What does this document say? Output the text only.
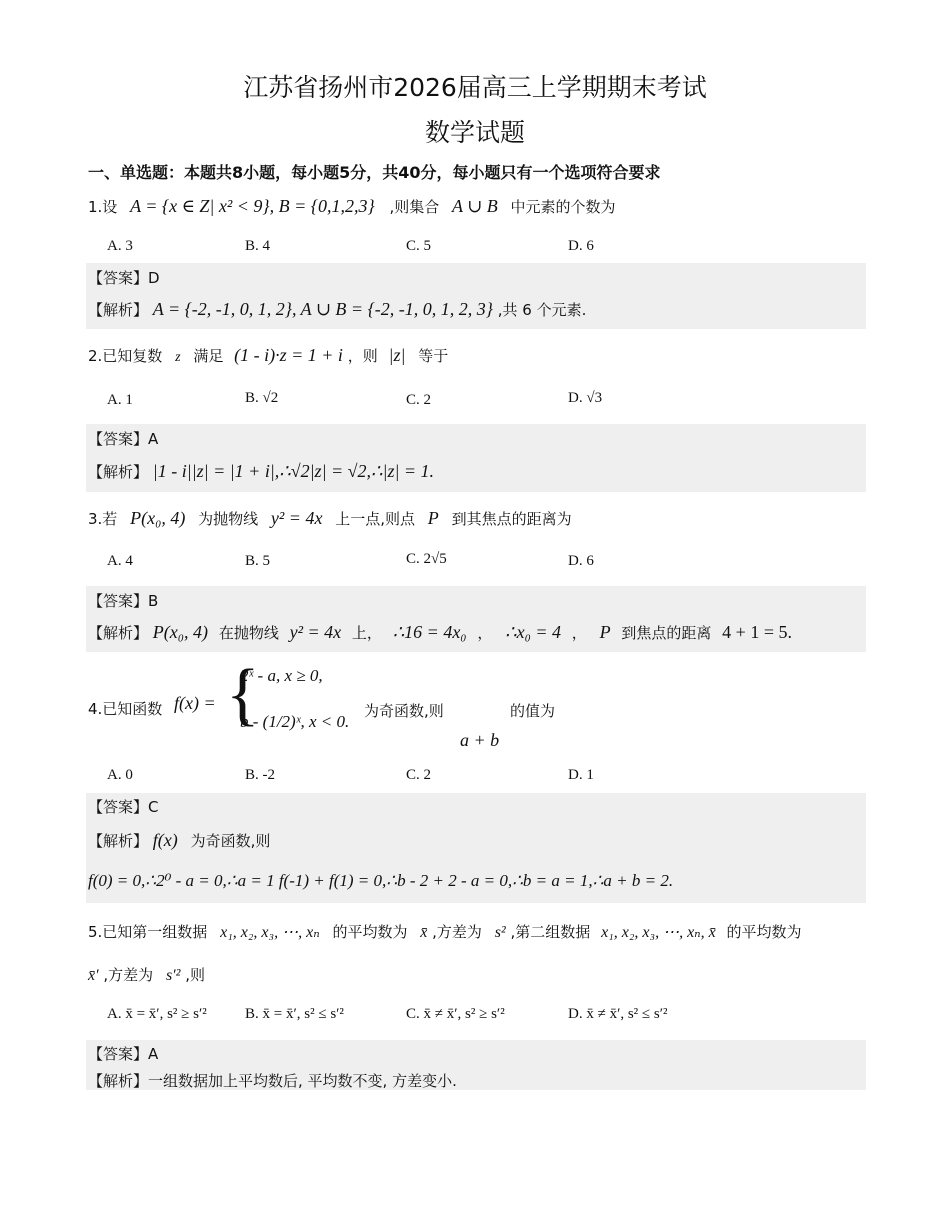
江苏省扬州市2026届高三上学期期末考试
数学试题
一、单选题：本题共8小题，每小题5分，共40分，每小题只有一个选项符合要求
1.设 A = {x ∈ Z| x² < 9}, B = {0,1,2,3} ,则集合 A ∪ B 中元素的个数为
A. 3	B. 4	C. 5	D. 6
【答案】D
【解析】 A = {-2, -1, 0, 1, 2}, A ∪ B = {-2, -1, 0, 1, 2, 3} ,共 6 个元素.
2.已知复数 z 满足 (1 - i)·z = 1 + i ，则 |z| 等于
A. 1	B. √2	C. 2	D. √3
【答案】A
【解析】 |1 - i||z| = |1 + i|,∴√2|z| = √2,∴|z| = 1.
3.若 P(x₀, 4) 为抛物线 y² = 4x 上一点,则点 P 到其焦点的距离为
A. 4	B. 5	C. 2√5	D. 6
【答案】B
【解析】 P(x₀, 4) 在抛物线 y² = 4x 上， ∴16 = 4x₀ ， ∴x₀ = 4 ， P 到焦点的距离 4 + 1 = 5.
4.已知函数 f(x) = {
2ˣ - a, x ≥ 0,
b - (1/2)ˣ, x < 0.
为奇函数,则
a + b
的值为
A. 0	B. -2	C. 2	D. 1
【答案】C
【解析】 f(x) 为奇函数,则
f(0) = 0,∴2⁰ - a = 0,∴a = 1 f(-1) + f(1) = 0,∴b - 2 + 2 - a = 0,∴b = a = 1,∴a + b = 2.
5.已知第一组数据 x₁, x₂, x₃, ⋯, xₙ 的平均数为 x̄ ,方差为 s² ,第二组数据 x₁, x₂, x₃, ⋯, xₙ, x̄ 的平均数为
x̄′ ,方差为 s′² ,则
A. x̄ = x̄′, s² ≥ s′²	B. x̄ = x̄′, s² ≤ s′²	C. x̄ ≠ x̄′, s² ≥ s′²	D. x̄ ≠ x̄′, s² ≤ s′²
【答案】A
【解析】一组数据加上平均数后, 平均数不变, 方差变小.
